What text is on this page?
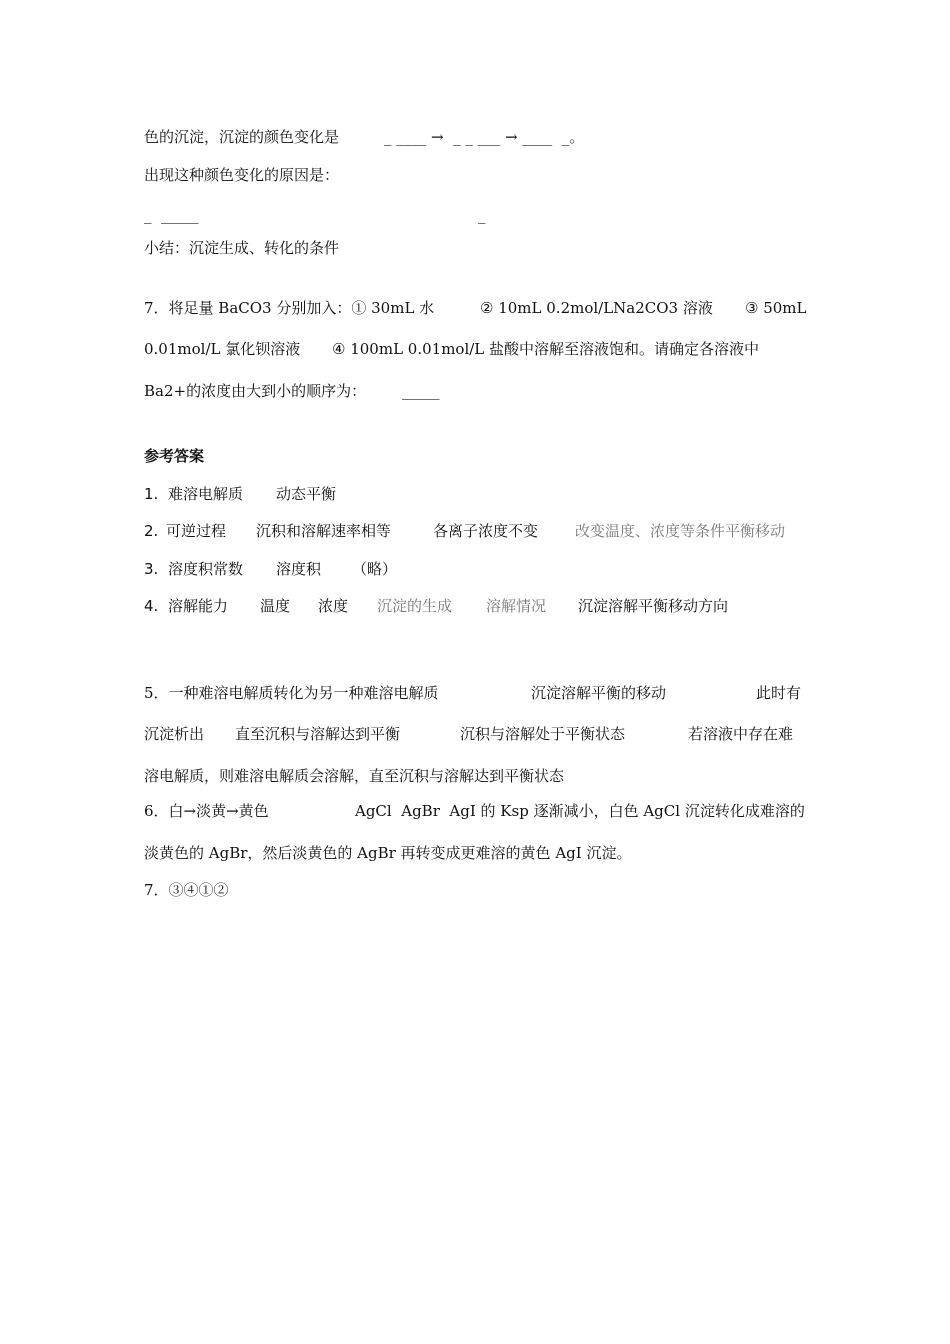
色的沉淀，沉淀的颜色变化是

	_ ____ →  _ _ ___ → ____  _。

出现这种颜色变化的原因是：

_  _____

	_

小结：沉淀生成、转化的条件

7．将足量 BaCO3 分别加入：① 30mL 水

	② 10mL 0.2mol/LNa2CO3 溶液

③ 50mL

0.01mol/L 氯化钡溶液

④ 100mL 0.01mol/L 盐酸中溶解至溶液饱和。请确定各溶液中

Ba2+的浓度由大到小的顺序为：

_____

参考答案

1.

难溶电解质

动态平衡

2.

可逆过程

沉积和溶解速率相等

	各离子浓度不变

改变温度、浓度等条件平衡移动

3.

溶度积常数

溶度积

（略）

4.

溶解能力

温度

浓度

沉淀的生成

溶解情况

沉淀溶解平衡移动方向

5．一种难溶电解质转化为另一种难溶电解质

	沉淀溶解平衡的移动

	此时有

沉淀析出

直至沉积与溶解达到平衡

	沉积与溶解处于平衡状态

	若溶液中存在难

溶电解质，则难溶电解质会溶解，直至沉积与溶解达到平衡状态

6．白→淡黄→黄色

	AgCl  AgBr  AgI 的 Ksp 逐渐减小，白色 AgCl 沉淀转化成难溶的

淡黄色的 AgBr，然后淡黄色的 AgBr 再转变成更难溶的黄色 AgI 沉淀。
7．③④①②
